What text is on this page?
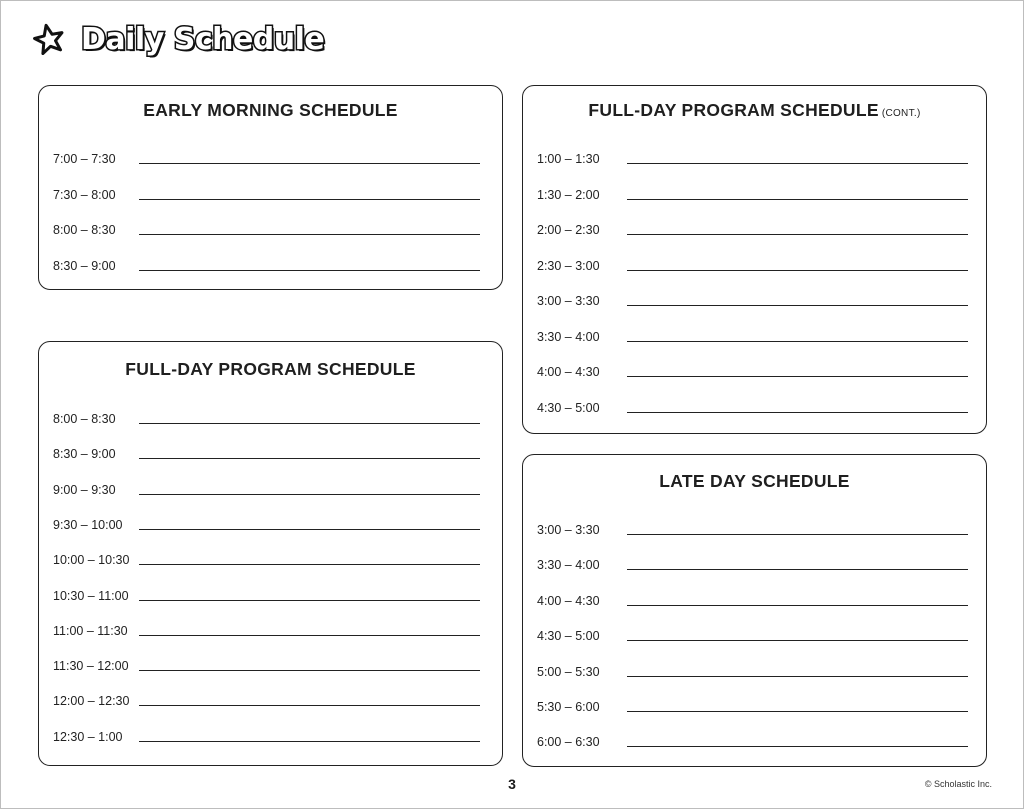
Daily Schedule
EARLY MORNING SCHEDULE
7:00 – 7:30
7:30 – 8:00
8:00 – 8:30
8:30 – 9:00
FULL-DAY PROGRAM SCHEDULE
8:00 – 8:30
8:30 – 9:00
9:00 – 9:30
9:30 – 10:00
10:00 – 10:30
10:30 – 11:00
11:00 – 11:30
11:30 – 12:00
12:00 – 12:30
12:30 – 1:00
FULL-DAY PROGRAM SCHEDULE (CONT.)
1:00 – 1:30
1:30 – 2:00
2:00 – 2:30
2:30 – 3:00
3:00 – 3:30
3:30 – 4:00
4:00 – 4:30
4:30 – 5:00
LATE DAY SCHEDULE
3:00 – 3:30
3:30 – 4:00
4:00 – 4:30
4:30 – 5:00
5:00 – 5:30
5:30 – 6:00
6:00 – 6:30
3	© Scholastic Inc.
